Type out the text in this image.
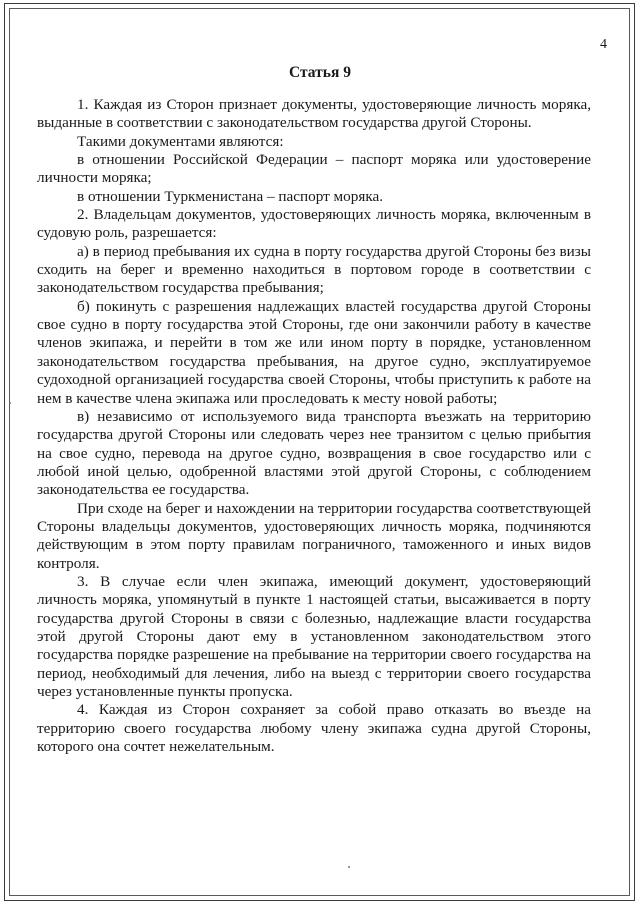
4
Статья 9

1. Каждая из Сторон признает документы, удостоверяющие личность моряка, выданные в соответствии с законодательством государства другой Стороны.

Такими документами являются:

в отношении Российской Федерации – паспорт моряка или удостоверение личности моряка;

в отношении Туркменистана – паспорт моряка.

2. Владельцам документов, удостоверяющих личность моряка, включенным в судовую роль, разрешается:

а) в период пребывания их судна в порту государства другой Стороны без визы сходить на берег и временно находиться в портовом городе в соответствии с законодательством государства пребывания;

б) покинуть с разрешения надлежащих властей государства другой Стороны свое судно в порту государства этой Стороны, где они закончили работу в качестве членов экипажа, и перейти в том же или ином порту в порядке, установленном законодательством государства пребывания, на другое судно, эксплуатируемое судоходной организацией государства своей Стороны, чтобы приступить к работе на нем в качестве члена экипажа или проследовать к месту новой работы;

в) независимо от используемого вида транспорта въезжать на территорию государства другой Стороны или следовать через нее транзитом с целью прибытия на свое судно, перевода на другое судно, возвращения в свое государство или с любой иной целью, одобренной властями этой другой Стороны, с соблюдением законодательства ее государства.

При сходе на берег и нахождении на территории государства соответствующей Стороны владельцы документов, удостоверяющих личность моряка, подчиняются действующим в этом порту правилам пограничного, таможенного и иных видов контроля.

3. В случае если член экипажа, имеющий документ, удостоверяющий личность моряка, упомянутый в пункте 1 настоящей статьи, высаживается в порту государства другой Стороны в связи с болезнью, надлежащие власти государства этой другой Стороны дают ему в установленном законодательством этого государства порядке разрешение на пребывание на территории своего государства на период, необходимый для лечения, либо на выезд с территории своего государства через установленные пункты пропуска.

4. Каждая из Сторон сохраняет за собой право отказать во въезде на территорию своего государства любому члену экипажа судна другой Стороны, которого она сочтет нежелательным.
